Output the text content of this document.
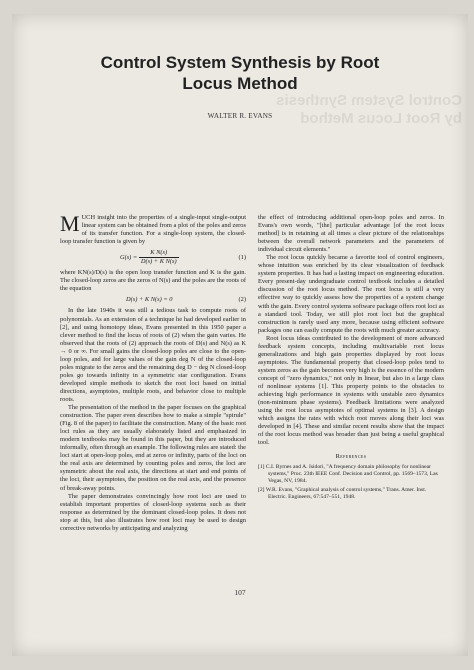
Control System Synthesis by Root Locus Method
Control System Synthesis by Root
Locus Method
WALTER R. EVANS

MUCH insight into the properties of a single-input single-output linear system can be obtained from a plot of the poles and zeros of its transfer function. For a single-loop system, the closed-loop transfer function is given by

$G(s) = \frac{\text{K N(s)}}{\text{D(s) + K N(s)}}$	(1)

where KN(s)/D(s) is the open loop transfer function and K is the gain. The closed-loop zeros are the zeros of N(s) and the poles are the roots of the equation

D(s) + K N(s) = 0	(2)

In the late 1940s it was still a tedious task to compute roots of polynomials. As an extension of a technique he had developed earlier in [2], and using homotopy ideas, Evans presented in this 1950 paper a clever method to find the locus of roots of (2) when the gain varies. He observed that the roots of (2) approach the roots of D(s) and N(s) as K → 0 or ∞. For small gains the closed-loop poles are close to the open-loop poles, and for large values of the gain deg N of the closed-loop poles migrate to the zeros and the remaining deg D − deg N closed-loop poles go towards infinity in a symmetric star configuration. Evans developed simple methods to sketch the root loci based on initial directions, asymptotes, multiple roots, and behavior close to multiple roots.

The presentation of the method in the paper focuses on the graphical construction. The paper even describes how to make a simple "spirule" (Fig. 8 of the paper) to facilitate the construction. Many of the basic root loci rules as they are usually elaborately listed and emphasized in modern textbooks may be found in this paper, but they are introduced informally, often through an example. The following rules are stated: the loci start at open-loop poles, end at zeros or infinity, parts of the loci on the real axis are determined by counting poles and zeros, the loci are symmetric about the real axis, the directions at start and end points of the loci, their asymptotes, the position on the real axis, and the presence of break-away points.

The paper demonstrates convincingly how root loci are used to establish important properties of closed-loop systems such as their response as determined by the dominant closed-loop poles. It does not stop at this, but also illustrates how root loci may be used to design corrective networks by anticipating and analyzing

the effect of introducing additional open-loop poles and zeros. In Evans's own words, "[the] particular advantage [of the root locus method] is in retaining at all times a clear picture of the relationships between the overall network parameters and the parameters of individual circuit elements."

The root locus quickly became a favorite tool of control engineers, whose intuition was enriched by its clear visualization of feedback system properties. It has had a lasting impact on engineering education. Every present-day undergraduate control textbook includes a detailed discussion of the root locus method. The root locus is still a very effective way to quickly assess how the properties of a system change with the gain. Every control systems software package offers root loci as a standard tool. Today, we still plot root loci but the graphical construction is rarely used any more, because using efficient software packages one can easily compute the roots with much greater accuracy.

Root locus ideas contributed to the development of more advanced feedback system concepts, including multivariable root locus generalizations and high gain properties displayed by root locus asymptotes. The fundamental property that closed-loop poles tend to system zeros as the gain becomes very high is the essence of the modern concept of "zero dynamics," not only in linear, but also in a large class of nonlinear systems [1]. This property points to the obstacles to achieving high performance in systems with unstable zero dynamics (non-minimum phase systems). Feedback limitations were analyzed using the root locus asymptotes of optimal systems in [3]. A design which assigns the rates with which root moves along their loci was developed in [4]. These and similar recent results show that the impact of the root locus method was broader than just being a useful graphical tool.

References
[1] C.I. Byrnes and A. Isidori, "A frequency domain philosophy for nonlinear systems," Proc. 23th IEEE Conf. Decision and Control, pp. 1569–1573, Las Vegas, NV, 1984.
[2] W.R. Evans, "Graphical analysis of control systems," Trans. Amer. Inst. Electric. Engineers, 67:547–551, 1948.
107
